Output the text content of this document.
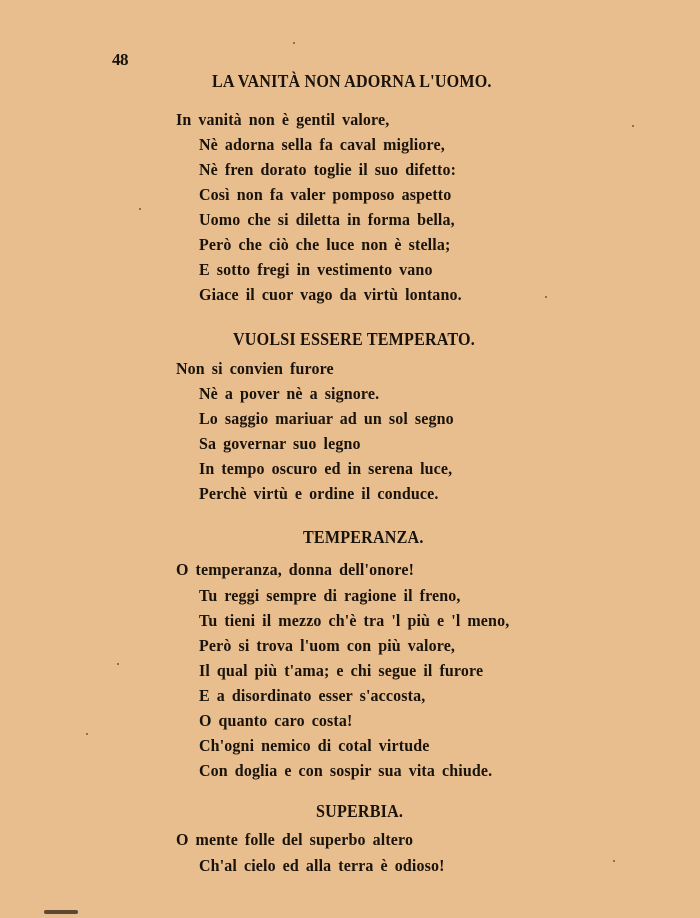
48
LA VANITÀ NON ADORNA L'UOMO.
In vanità non è gentil valore,
Nè adorna sella fa caval migliore,
Nè fren dorato toglie il suo difetto:
Così non fa valer pomposo aspetto
Uomo che si diletta in forma bella,
Però che ciò che luce non è stella;
E sotto fregi in vestimento vano
Giace il cuor vago da virtù lontano.
VUOLSI ESSERE TEMPERATO.
Non si convien furore
Nè a pover nè a signore.
Lo saggio mariuar ad un sol segno
Sa governar suo legno
In tempo oscuro ed in serena luce,
Perchè virtù e ordine il conduce.
TEMPERANZA.
O temperanza, donna dell'onore!
Tu reggi sempre di ragione il freno,
Tu tieni il mezzo ch'è tra 'l più e 'l meno,
Però si trova l'uom con più valore,
Il qual più t'ama; e chi segue il furore
E a disordinato esser s'accosta,
O quanto caro costa!
Ch'ogni nemico di cotal virtude
Con doglia e con sospir sua vita chiude.
SUPERBIA.
O mente folle del superbo altero
Ch'al cielo ed alla terra è odioso!
